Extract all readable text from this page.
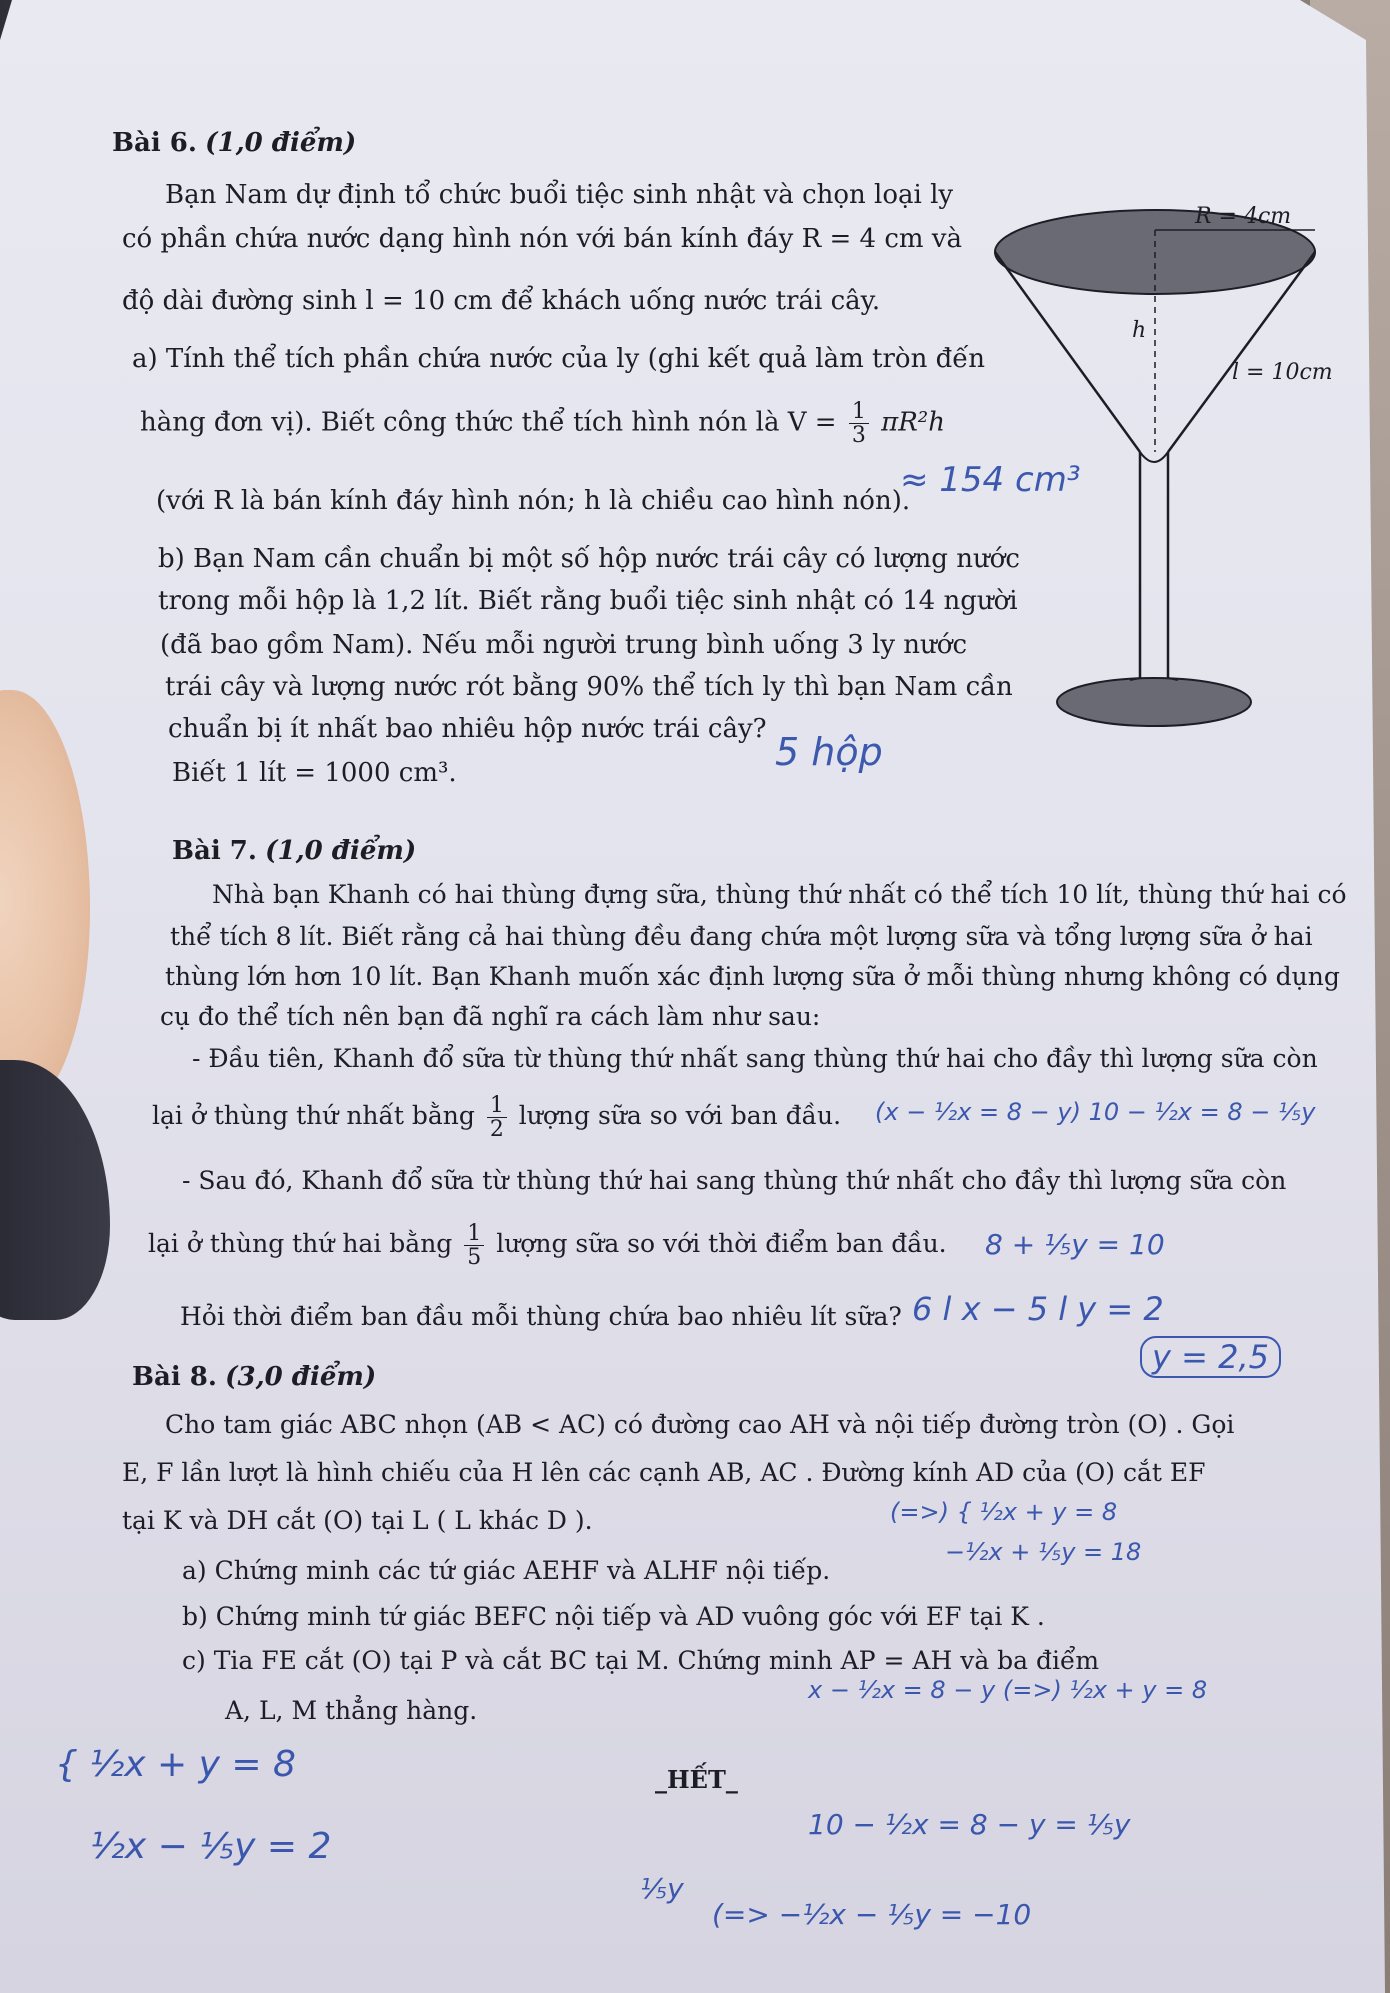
Bài 6. (1,0 điểm)
Bạn Nam dự định tổ chức buổi tiệc sinh nhật và chọn loại ly
có phần chứa nước dạng hình nón với bán kính đáy R = 4 cm và
độ dài đường sinh l = 10 cm để khách uống nước trái cây.
a) Tính thể tích phần chứa nước của ly (ghi kết quả làm tròn đến
hàng đơn vị). Biết công thức thể tích hình nón là $V = \frac{1}{3} \pi R^2h$
(với R là bán kính đáy hình nón; h là chiều cao hình nón).
b) Bạn Nam cần chuẩn bị một số hộp nước trái cây có lượng nước
trong mỗi hộp là 1,2 lít. Biết rằng buổi tiệc sinh nhật có 14 người
(đã bao gồm Nam). Nếu mỗi người trung bình uống 3 ly nước
trái cây và lượng nước rót bằng 90% thể tích ly thì bạn Nam cần
chuẩn bị ít nhất bao nhiêu hộp nước trái cây?
Biết 1 lít = 1000 cm³.
R = 4cm
h
l = 10cm
Bài 7. (1,0 điểm)
Nhà bạn Khanh có hai thùng đựng sữa, thùng thứ nhất có thể tích 10 lít, thùng thứ hai có
thể tích 8 lít. Biết rằng cả hai thùng đều đang chứa một lượng sữa và tổng lượng sữa ở hai
thùng lớn hơn 10 lít. Bạn Khanh muốn xác định lượng sữa ở mỗi thùng nhưng không có dụng
cụ đo thể tích nên bạn đã nghĩ ra cách làm như sau:
- Đầu tiên, Khanh đổ sữa từ thùng thứ nhất sang thùng thứ hai cho đầy thì lượng sữa còn
lại ở thùng thứ nhất bằng $\frac{1}{2}$ lượng sữa so với ban đầu.
- Sau đó, Khanh đổ sữa từ thùng thứ hai sang thùng thứ nhất cho đầy thì lượng sữa còn
lại ở thùng thứ hai bằng $\frac{1}{5}$ lượng sữa so với thời điểm ban đầu.
Hỏi thời điểm ban đầu mỗi thùng chứa bao nhiêu lít sữa?
Bài 8. (3,0 điểm)
Cho tam giác ABC nhọn (AB < AC) có đường cao AH và nội tiếp đường tròn (O) . Gọi
E, F lần lượt là hình chiếu của H lên các cạnh AB, AC . Đường kính AD của (O) cắt EF
tại K và DH cắt (O) tại L ( L khác D ).
a) Chứng minh các tứ giác AEHF và ALHF nội tiếp.
b) Chứng minh tứ giác BEFC nội tiếp và AD vuông góc với EF tại K .
c) Tia FE cắt (O) tại P và cắt BC tại M. Chứng minh AP = AH và ba điểm
A, L, M thẳng hàng.
_HẾT_
≈ 154 cm³
5 hộp
(x − ½x = 8 − y) 10 − ½x = 8 − ⅕y
8 + ⅕y = 10
6 l x − 5 l y = 2
y = 2,5
(=>) { ½x + y = 8
−½x + ⅕y = 18
x − ½x = 8 − y (=>) ½x + y = 8
{ ½x + y = 8
½x − ⅕y = 2
10 − ½x = 8 − y = ⅕y
⅕y
(=> −½x − ⅕y = −10
